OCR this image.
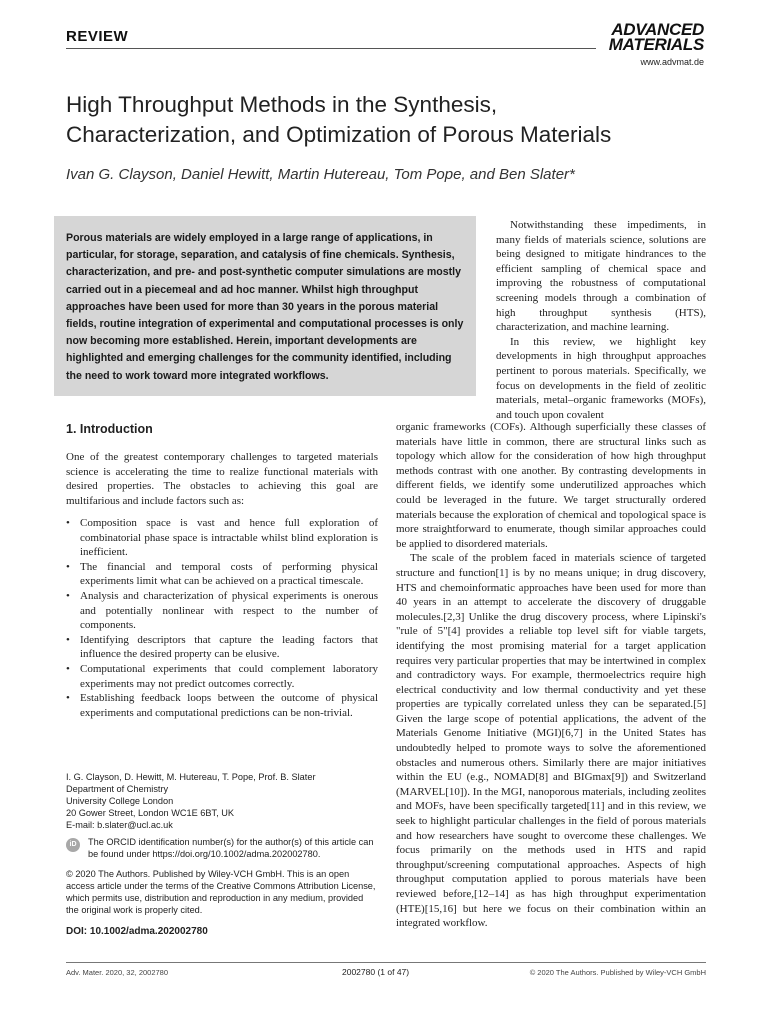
REVIEW	ADVANCED
MATERIALS
www.advmat.de
High Throughput Methods in the Synthesis,
Characterization, and Optimization of Porous Materials
Ivan G. Clayson, Daniel Hewitt, Martin Hutereau, Tom Pope, and Ben Slater*
Porous materials are widely employed in a large range of applications, in particular, for storage, separation, and catalysis of fine chemicals. Synthesis, characterization, and pre- and post-synthetic computer simulations are mostly carried out in a piecemeal and ad hoc manner. Whilst high throughput approaches have been used for more than 30 years in the porous material fields, routine integration of experimental and computational processes is only now becoming more established. Herein, important developments are highlighted and emerging challenges for the community identified, including the need to work toward more integrated workflows.
1. Introduction
One of the greatest contemporary challenges to targeted materials science is accelerating the time to realize functional materials with desired properties. The obstacles to achieving this goal are multifarious and include factors such as:
• Composition space is vast and hence full exploration of combinatorial phase space is intractable whilst blind exploration is inefficient.
• The financial and temporal costs of performing physical experiments limit what can be achieved on a practical timescale.
• Analysis and characterization of physical experiments is onerous and potentially nonlinear with respect to the number of components.
• Identifying descriptors that capture the leading factors that influence the desired property can be elusive.
• Computational experiments that could complement laboratory experiments may not predict outcomes correctly.
• Establishing feedback loops between the outcome of physical experiments and computational predictions can be non-trivial.
I. G. Clayson, D. Hewitt, M. Hutereau, T. Pope, Prof. B. Slater
Department of Chemistry
University College London
20 Gower Street, London WC1E 6BT, UK
E-mail: b.slater@ucl.ac.uk
iD	The ORCID identification number(s) for the author(s) of this article can be found under https://doi.org/10.1002/adma.202002780.
© 2020 The Authors. Published by Wiley-VCH GmbH. This is an open access article under the terms of the Creative Commons Attribution License, which permits use, distribution and reproduction in any medium, provided the original work is properly cited.
DOI: 10.1002/adma.202002780

Notwithstanding these impediments, in many fields of materials science, solutions are being designed to mitigate hindrances to the efficient sampling of chemical space and improving the robustness of computational screening models through a combination of high throughput synthesis (HTS), characterization, and machine learning.

In this review, we highlight key developments in high throughput approaches pertinent to porous materials. Specifically, we focus on developments in the field of zeolitic materials, metal–organic frameworks (MOFs), and touch upon covalent

organic frameworks (COFs). Although superficially these classes of materials have little in common, there are structural links such as topology which allow for the consideration of how high throughput methods contrast with one another. By contrasting developments in different fields, we identify some underutilized approaches which could be leveraged in the future. We target structurally ordered materials because the exploration of chemical and topological space is more straightforward to enumerate, though similar approaches could be applied to disordered materials.

The scale of the problem faced in materials science of targeted structure and function[1] is by no means unique; in drug discovery, HTS and chemoinformatic approaches have been used for more than 40 years in an attempt to accelerate the discovery of druggable molecules.[2,3] Unlike the drug discovery process, where Lipinski's "rule of 5"[4] provides a reliable top level sift for viable targets, identifying the most promising material for a target application requires very particular properties that may be intertwined in complex and contradictory ways. For example, thermoelectrics require high electrical conductivity and low thermal conductivity and yet these properties are typically correlated unless they can be separated.[5] Given the large scope of potential applications, the advent of the Materials Genome Initiative (MGI)[6,7] in the United States has undoubtedly helped to promote ways to solve the aforementioned obstacles and numerous others. Similarly there are major initiatives within the EU (e.g., NOMAD[8] and BIGmax[9]) and Switzerland (MARVEL[10]). In the MGI, nanoporous materials, including zeolites and MOFs, have been specifically targeted[11] and in this review, we seek to highlight particular challenges in the field of porous materials and how researchers have sought to overcome these challenges. We focus primarily on the methods used in HTS and rapid throughput/screening computational approaches. Aspects of high throughput computation applied to porous materials have been reviewed before,[12–14] as has high throughput experimentation (HTE)[15,16] but here we focus on their combination within an integrated workflow.

Adv. Mater. 2020, 32, 2002780	2002780 (1 of 47)	© 2020 The Authors. Published by Wiley-VCH GmbH
